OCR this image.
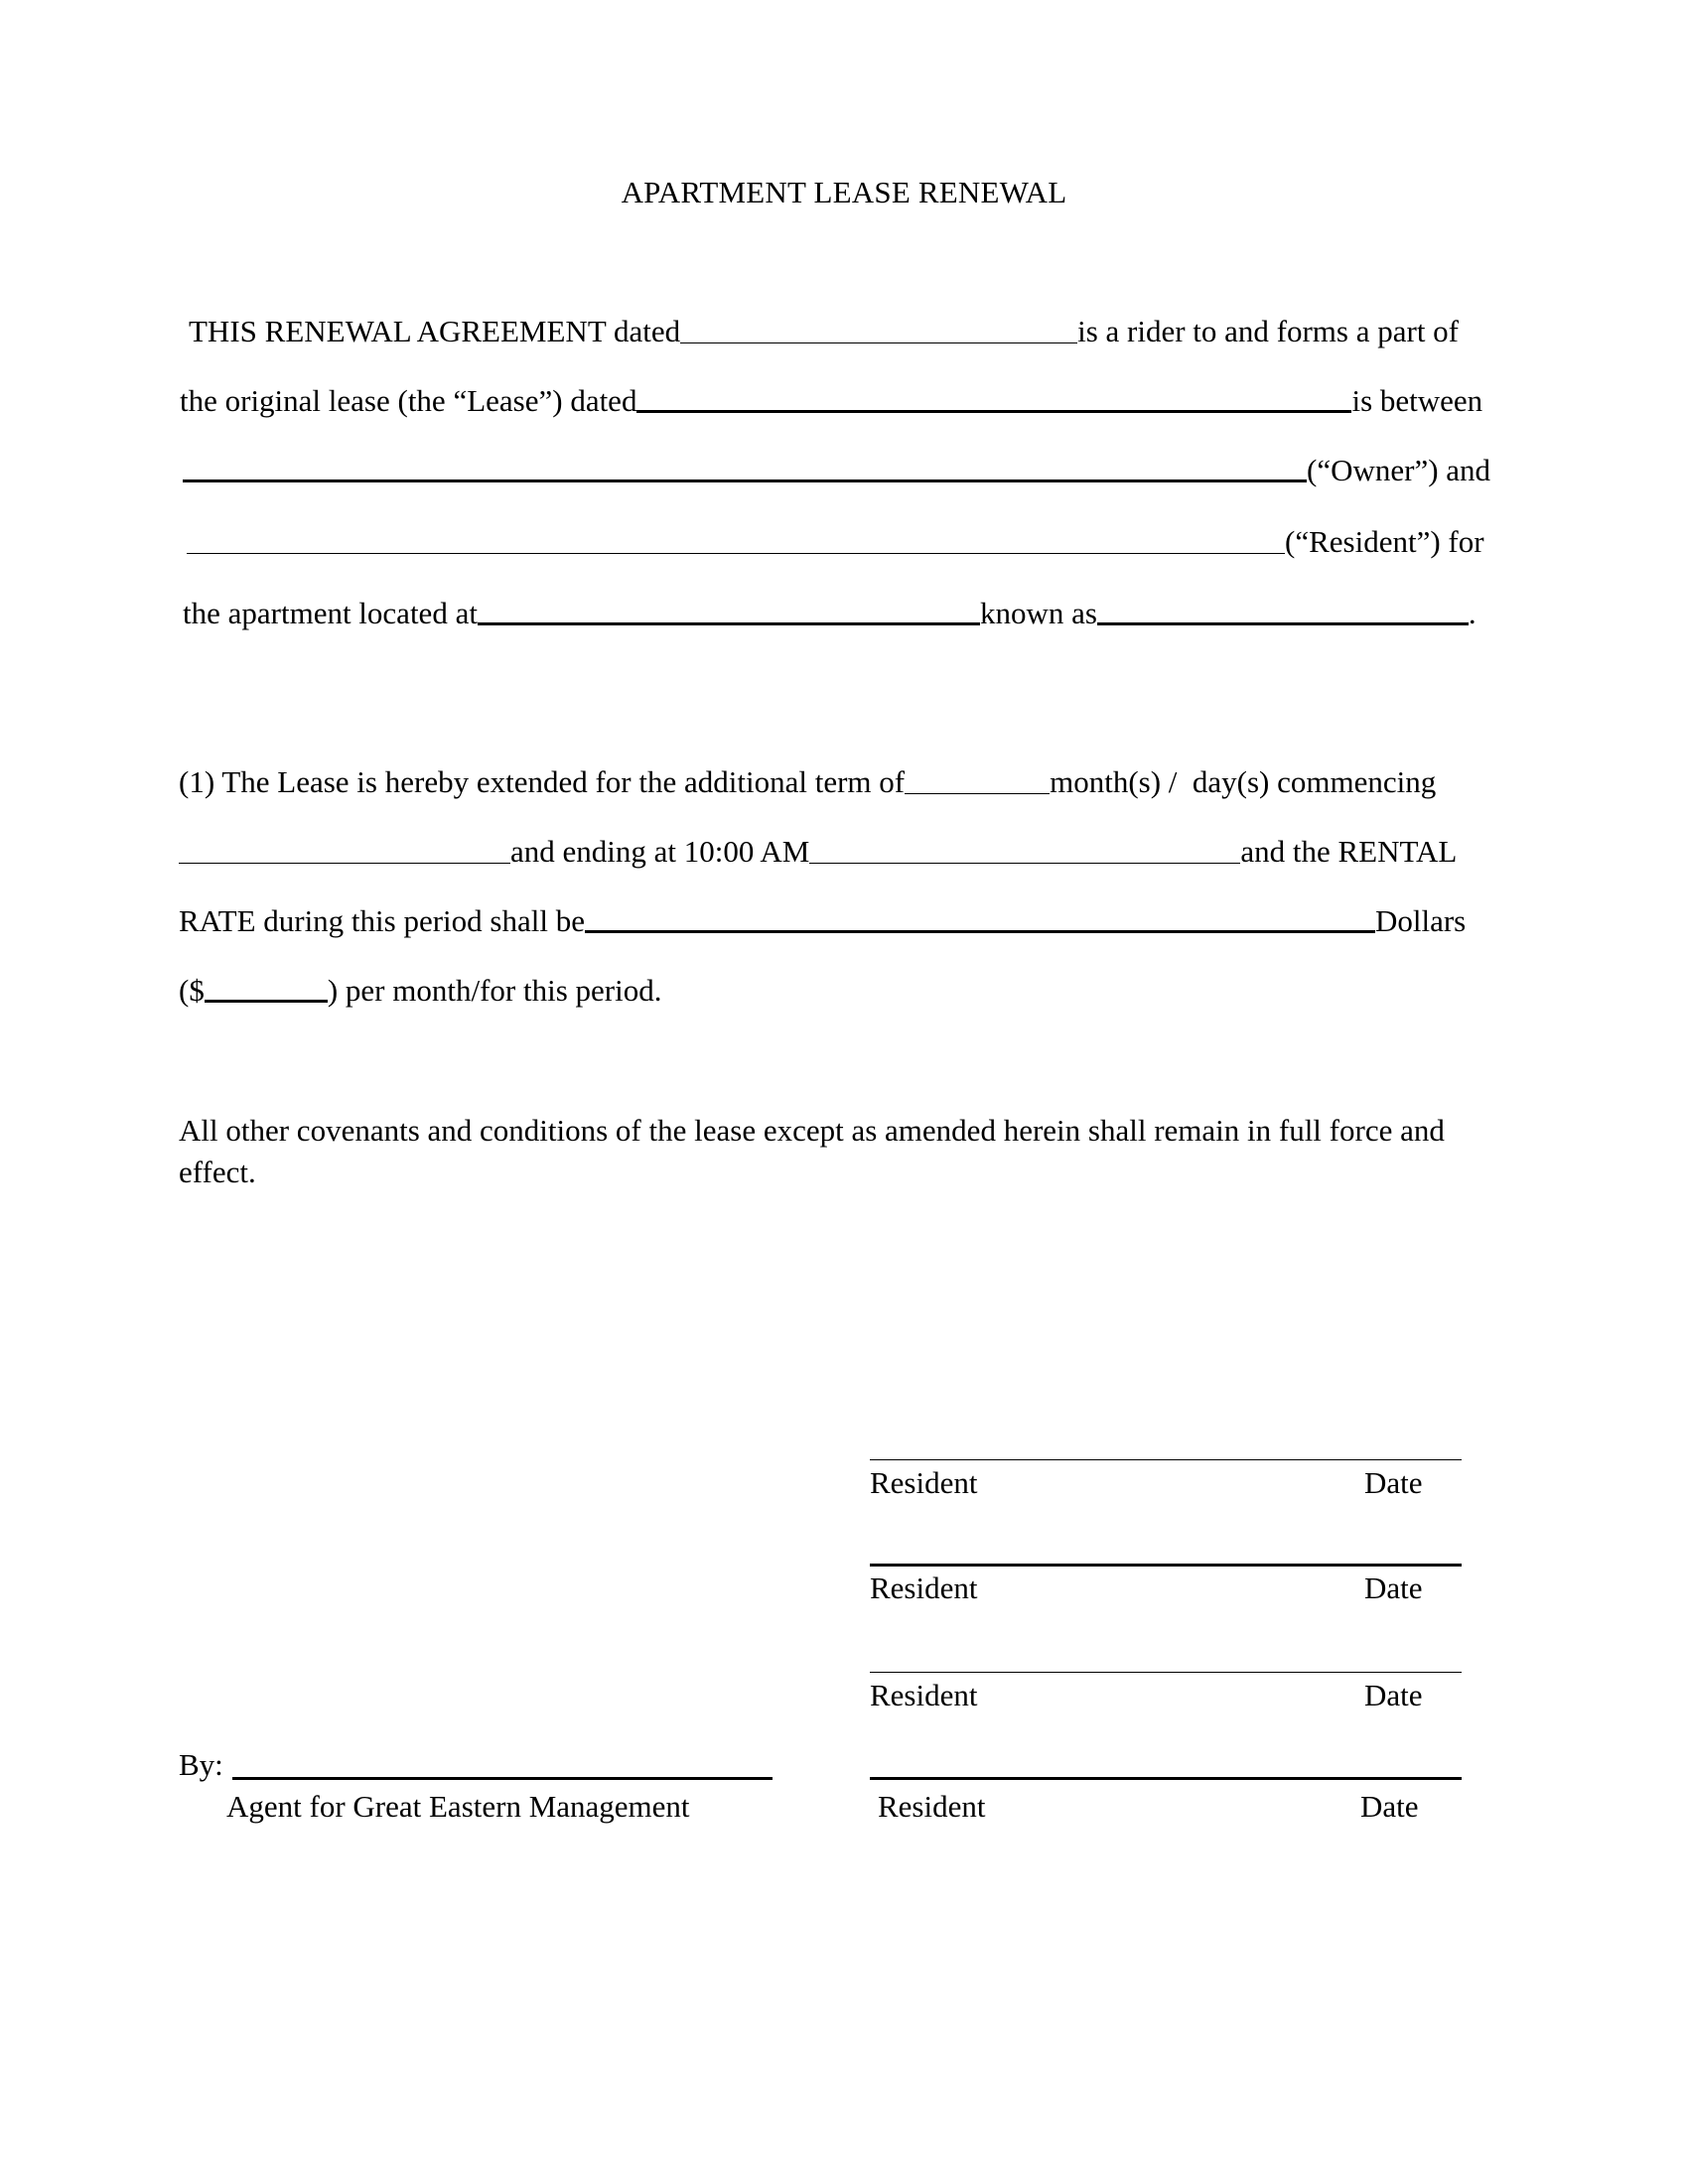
APARTMENT LEASE RENEWAL
THIS RENEWAL AGREEMENT dated	is a rider to and forms a part of
the original lease (the “Lease”) dated	is between
(“Owner”) and
(“Resident”) for
the apartment located at	known as	.
(1) The Lease is hereby extended for the additional term of	month(s) /  day(s) commencing
and ending at 10:00 AM	and the RENTAL
RATE during this period shall be	Dollars
($	) per month/for this period.
All other covenants and conditions of the lease except as amended herein shall remain in full force and effect.
Resident	Date
Resident	Date
Resident	Date
Resident	Date
By:
Agent for Great Eastern Management
